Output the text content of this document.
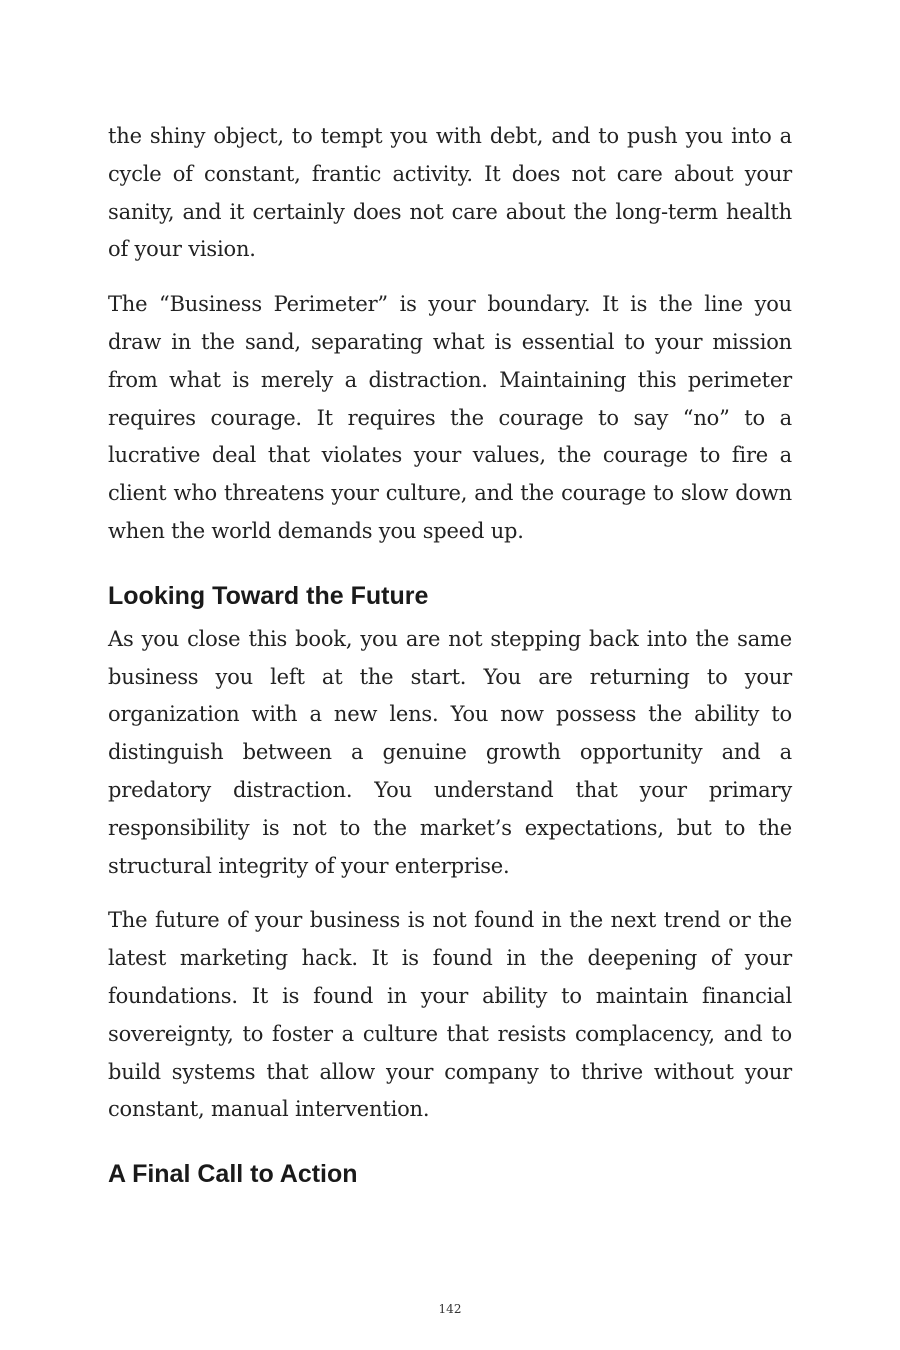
the shiny object, to tempt you with debt, and to push you into a cycle of constant, frantic activity. It does not care about your sanity, and it certainly does not care about the long-term health of your vision.

The “Business Perimeter” is your boundary. It is the line you draw in the sand, separating what is essential to your mission from what is merely a distraction. Maintaining this perimeter requires courage. It requires the courage to say “no” to a lucrative deal that violates your values, the courage to fire a client who threatens your culture, and the courage to slow down when the world demands you speed up.

Looking Toward the Future

As you close this book, you are not stepping back into the same business you left at the start. You are returning to your organization with a new lens. You now possess the ability to distinguish between a genuine growth opportunity and a predatory distraction. You understand that your primary responsibility is not to the market’s expectations, but to the structural integrity of your enterprise.

The future of your business is not found in the next trend or the latest marketing hack. It is found in the deepening of your foundations. It is found in your ability to maintain financial sovereignty, to foster a culture that resists complacency, and to build systems that allow your company to thrive without your constant, manual intervention.

A Final Call to Action
142
